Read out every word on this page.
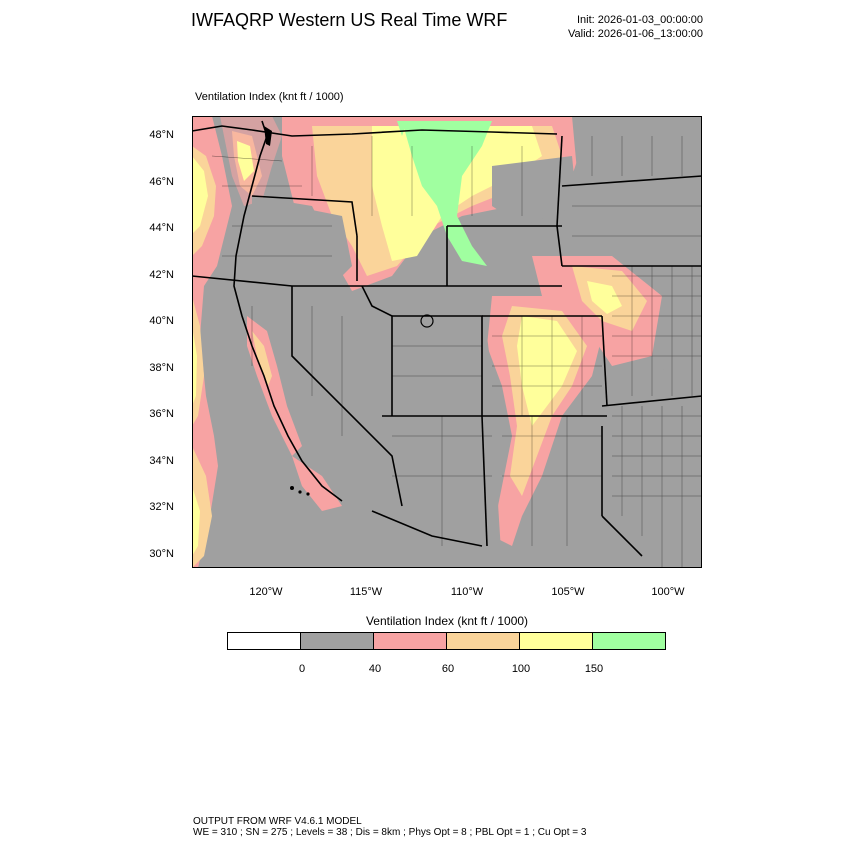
IWFAQRP Western US Real Time WRF	Init: 2026-01-03_00:00:00
Valid: 2026-01-06_13:00:00
Ventilation Index (knt ft / 1000)
48°N
46°N
44°N
42°N
40°N
38°N
36°N
34°N
32°N
30°N
120°W	115°W	110°W	105°W	100°W
Ventilation Index (knt ft / 1000)
0	40	60	100	150
OUTPUT FROM WRF V4.6.1 MODEL
WE = 310 ; SN = 275 ; Levels = 38 ; Dis = 8km ; Phys Opt = 8 ; PBL Opt = 1 ; Cu Opt = 3
